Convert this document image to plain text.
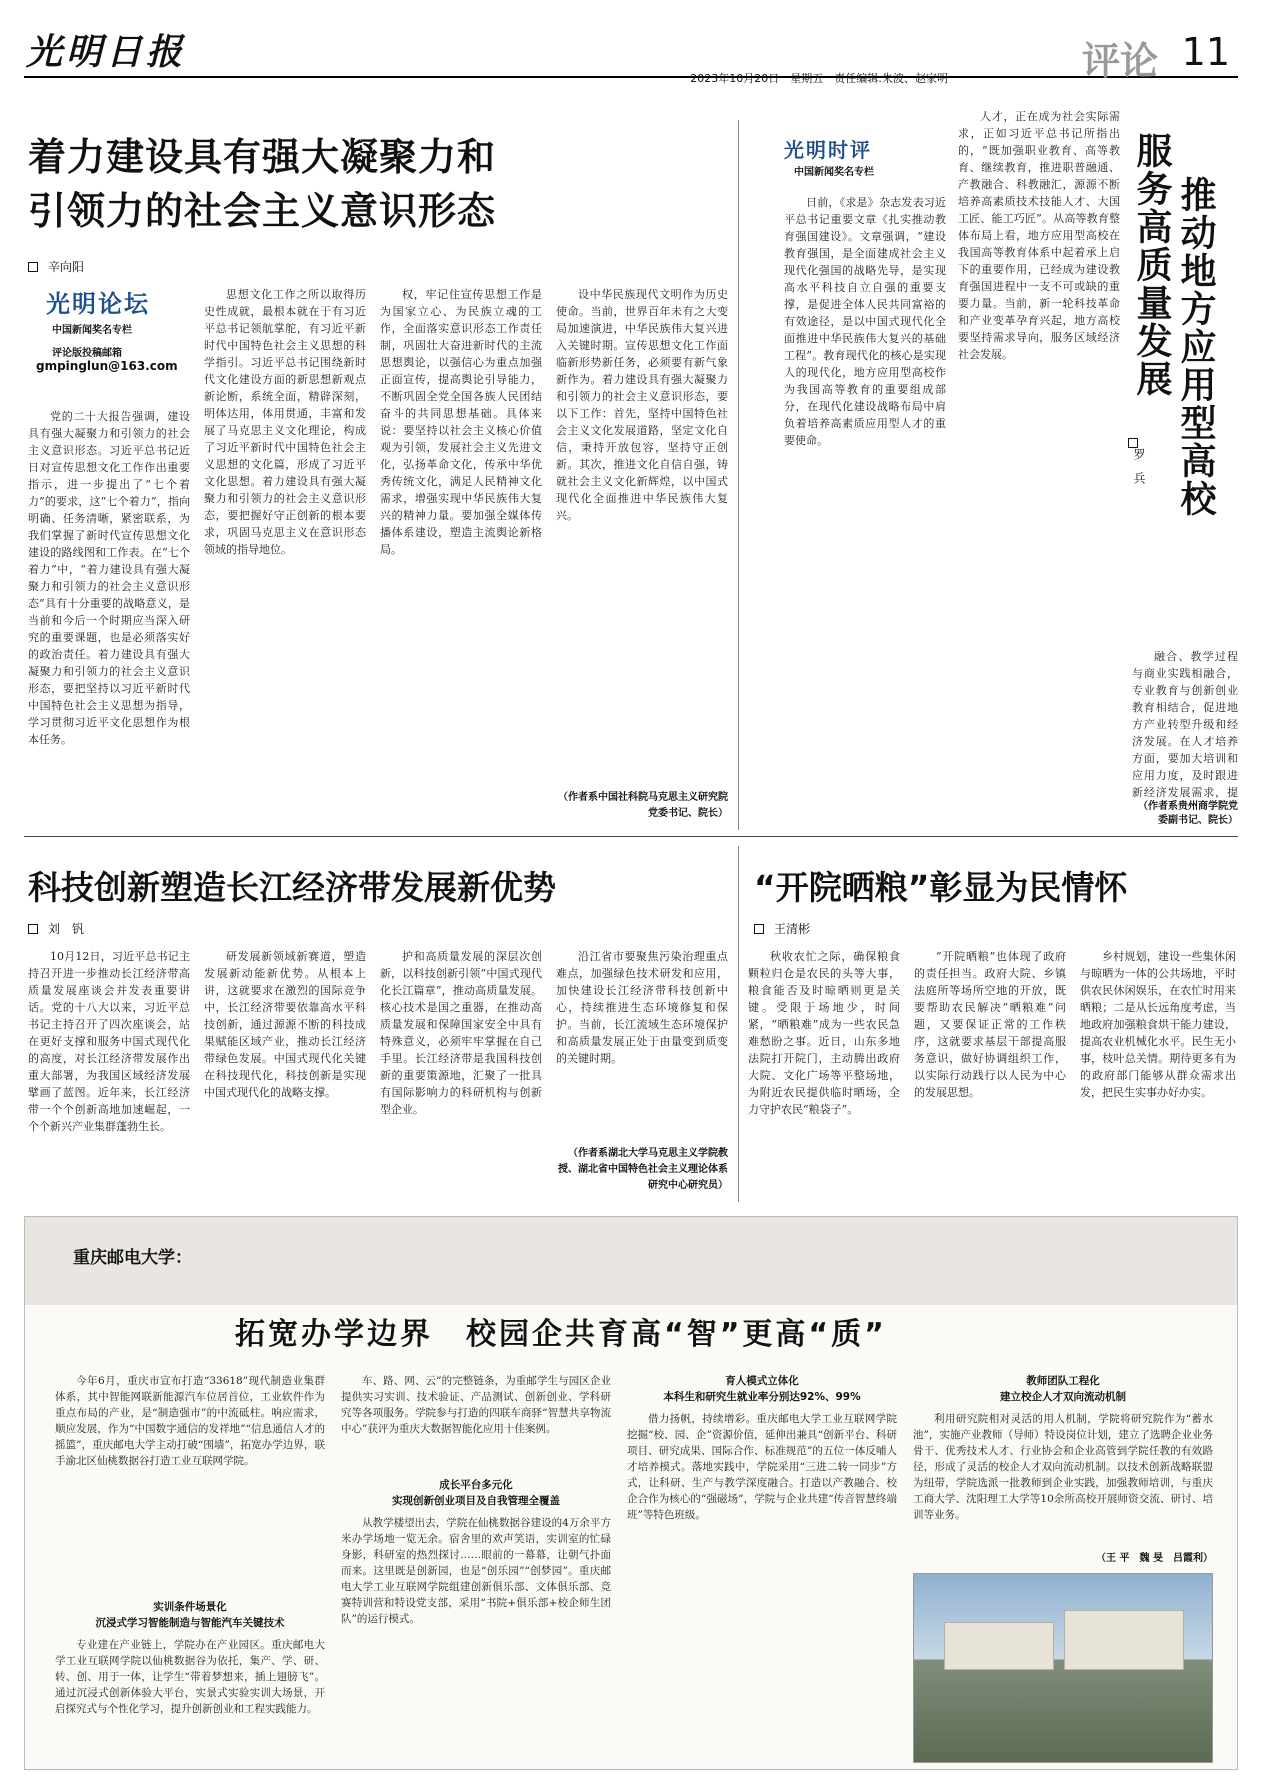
光明日报
2023年10月20日　星期五　责任编辑:朱波、赵家明	评论 11
着力建设具有强大凝聚力和
引领力的社会主义意识形态
辛向阳
光明论坛
中国新闻奖名专栏
评论版投稿邮箱
gmpinglun@163.com

党的二十大报告强调，建设具有强大凝聚力和引领力的社会主义意识形态。习近平总书记近日对宣传思想文化工作作出重要指示，进一步提出了“七个着力”的要求，这“七个着力”，指向明确、任务清晰，紧密联系，为我们掌握了新时代宣传思想文化建设的路线图和工作表。在“七个着力”中，“着力建设具有强大凝聚力和引领力的社会主义意识形态”具有十分重要的战略意义，是当前和今后一个时期应当深入研究的重要课题，也是必须落实好的政治责任。着力建设具有强大凝聚力和引领力的社会主义意识形态，要把坚持以习近平新时代中国特色社会主义思想为指导，学习贯彻习近平文化思想作为根本任务。

思想文化工作之所以取得历史性成就，最根本就在于有习近平总书记领航掌舵，有习近平新时代中国特色社会主义思想的科学指引。习近平总书记围绕新时代文化建设方面的新思想新观点新论断，系统全面，精辟深刻，明体达用，体用贯通，丰富和发展了马克思主义文化理论，构成了习近平新时代中国特色社会主义思想的文化篇，形成了习近平文化思想。着力建设具有强大凝聚力和引领力的社会主义意识形态，要把握好守正创新的根本要求，巩固马克思主义在意识形态领域的指导地位。

权，牢记住宣传思想工作是为国家立心、为民族立魂的工作，全面落实意识形态工作责任制，巩固壮大奋进新时代的主流思想舆论，以强信心为重点加强正面宣传，提高舆论引导能力，不断巩固全党全国各族人民团结奋斗的共同思想基础。具体来说：要坚持以社会主义核心价值观为引领，发展社会主义先进文化，弘扬革命文化，传承中华优秀传统文化，满足人民精神文化需求，增强实现中华民族伟大复兴的精神力量。要加强全媒体传播体系建设，塑造主流舆论新格局。

设中华民族现代文明作为历史使命。当前，世界百年未有之大变局加速演进，中华民族伟大复兴进入关键时期。宣传思想文化工作面临新形势新任务，必须要有新气象新作为。着力建设具有强大凝聚力和引领力的社会主义意识形态，要以下工作：首先，坚持中国特色社会主义文化发展道路，坚定文化自信，秉持开放包容，坚持守正创新。其次，推进文化自信自强，铸就社会主义文化新辉煌，以中国式现代化全面推进中华民族伟大复兴。

（作者系中国社科院马克思主义研究院党委书记、院长）
光明时评
中国新闻奖名专栏

日前，《求是》杂志发表习近平总书记重要文章《扎实推动教育强国建设》。文章强调，“建设教育强国，是全面建成社会主义现代化强国的战略先导，是实现高水平科技自立自强的重要支撑，是促进全体人民共同富裕的有效途径，是以中国式现代化全面推进中华民族伟大复兴的基础工程”。教育现代化的核心是实现人的现代化，地方应用型高校作为我国高等教育的重要组成部分，在现代化建设战略布局中肩负着培养高素质应用型人才的重要使命。

人才，正在成为社会实际需求，正如习近平总书记所指出的，“既加强职业教育、高等教育、继续教育，推进职普融通、产教融合、科教融汇，源源不断培养高素质技术技能人才、大国工匠、能工巧匠”。从高等教育整体布局上看，地方应用型高校在我国高等教育体系中起着承上启下的重要作用，已经成为建设教育强国进程中一支不可或缺的重要力量。当前，新一轮科技革命和产业变革孕育兴起，地方高校要坚持需求导向，服务区域经济社会发展。	推动地方应用型高校
服务高质量发展
罗　兵

融合、教学过程与商业实践相融合，专业教育与创新创业教育相结合，促进地方产业转型升级和经济发展。在人才培养方面，要加大培训和应用力度，及时跟进新经济发展需求，提

（作者系贵州商学院党委副书记、院长）
科技创新塑造长江经济带发展新优势
刘　钒

10月12日，习近平总书记主持召开进一步推动长江经济带高质量发展座谈会并发表重要讲话。党的十八大以来，习近平总书记主持召开了四次座谈会，站在更好支撑和服务中国式现代化的高度，对长江经济带发展作出重大部署，为我国区域经济发展擘画了蓝图。近年来，长江经济带一个个创新高地加速崛起，一个个新兴产业集群蓬勃生长。

研发展新领域新赛道，塑造发展新动能新优势。从根本上讲，这就要求在激烈的国际竞争中，长江经济带要依靠高水平科技创新，通过源源不断的科技成果赋能区域产业，推动长江经济带绿色发展。中国式现代化关键在科技现代化，科技创新是实现中国式现代化的战略支撑。

护和高质量发展的深层次创新，以科技创新引领“中国式现代化长江篇章”，推动高质量发展。核心技术是国之重器，在推动高质量发展和保障国家安全中具有特殊意义，必须牢牢掌握在自己手里。长江经济带是我国科技创新的重要策源地，汇聚了一批具有国际影响力的科研机构与创新型企业。

沿江省市要聚焦污染治理重点难点，加强绿色技术研发和应用，加快建设长江经济带科技创新中心，持续推进生态环境修复和保护。当前，长江流域生态环境保护和高质量发展正处于由量变到质变的关键时期。

（作者系湖北大学马克思主义学院教授、湖北省中国特色社会主义理论体系研究中心研究员）
“开院晒粮”彰显为民情怀
王清彬

秋收农忙之际，确保粮食颗粒归仓是农民的头等大事，粮食能否及时晾晒则更是关键。受限于场地少，时间紧，“晒粮难”成为一些农民急难愁盼之事。近日，山东多地法院打开院门，主动腾出政府大院、文化广场等平整场地，为附近农民提供临时晒场，全力守护农民“粮袋子”。

“开院晒粮”也体现了政府的责任担当。政府大院、乡镇法庭所等场所空地的开放，既要帮助农民解决“晒粮难”问题，又要保证正常的工作秩序，这就要求基层干部提高服务意识，做好协调组织工作，以实际行动践行以人民为中心的发展思想。

乡村规划，建设一些集休闲与晾晒为一体的公共场地，平时供农民休闲娱乐，在农忙时用来晒粮；二是从长远角度考虑，当地政府加强粮食烘干能力建设，提高农业机械化水平。民生无小事，枝叶总关情。期待更多有为的政府部门能够从群众需求出发，把民生实事办好办实。

重庆邮电大学：
拓宽办学边界　校园企共育高“智”更高“质”

今年6月，重庆市宣布打造“33618”现代制造业集群体系，其中智能网联新能源汽车位居首位，工业软件作为重点布局的产业，是“制造强市”的中流砥柱。响应需求，顺应发展，作为“中国数字通信的发祥地”“信息通信人才的摇篮”，重庆邮电大学主动打破“围墙”，拓宽办学边界，联手渝北区仙桃数据谷打造工业互联网学院。

实训条件场景化
沉浸式学习智能制造与智能汽车关键技术

专业建在产业链上，学院办在产业园区。重庆邮电大学工业互联网学院以仙桃数据谷为依托，集产、学、研、转、创、用于一体，让学生“带着梦想来，插上翅膀飞”。通过沉浸式创新体验大平台，实景式实验实训大场景，开启探究式与个性化学习，提升创新创业和工程实践能力。

车、路、网、云”的完整链条，为重邮学生与园区企业提供实习实训、技术验证、产品测试、创新创业、学科研究等各项服务。学院参与打造的四联车商驿“智慧共享物流中心”获评为重庆大数据智能化应用十佳案例。

成长平台多元化
实现创新创业项目及自我管理全覆盖

从教学楼望出去，学院在仙桃数据谷建设的4万余平方米办学场地一览无余。宿舍里的欢声笑语，实训室的忙碌身影，科研室的热烈探讨……眼前的一幕幕，让朝气扑面而来。这里既是创新园，也是“创乐园”“创梦园”。重庆邮电大学工业互联网学院组建创新俱乐部、文体俱乐部、竞赛特训营和特设党支部，采用“书院+俱乐部+校企师生团队”的运行模式。

育人模式立体化
本科生和研究生就业率分别达92%、99%

借力扬帆，持续增彩。重庆邮电大学工业互联网学院挖掘“校、园、企”资源价值，延伸出兼具“创新平台、科研项目、研究成果、国际合作、标准规范”的五位一体反哺人才培养模式。落地实践中，学院采用“三进二转一同步”方式，让科研、生产与教学深度融合。打造以产教融合、校企合作为核心的“强磁场”，学院与企业共建“传音智慧终端班”等特色班级。

教师团队工程化
建立校企人才双向流动机制

利用研究院相对灵活的用人机制，学院将研究院作为“蓄水池”，实施产业教师（导师）特设岗位计划，建立了选聘企业业务骨干、优秀技术人才、行业协会和企业高管到学院任教的有效路径，形成了灵活的校企人才双向流动机制。以技术创新战略联盟为纽带，学院选派一批教师到企业实践，加强教师培训，与重庆工商大学、沈阳理工大学等10余所高校开展师资交流、研讨、培训等业务。

（王 平　魏 旻　吕霞利）
